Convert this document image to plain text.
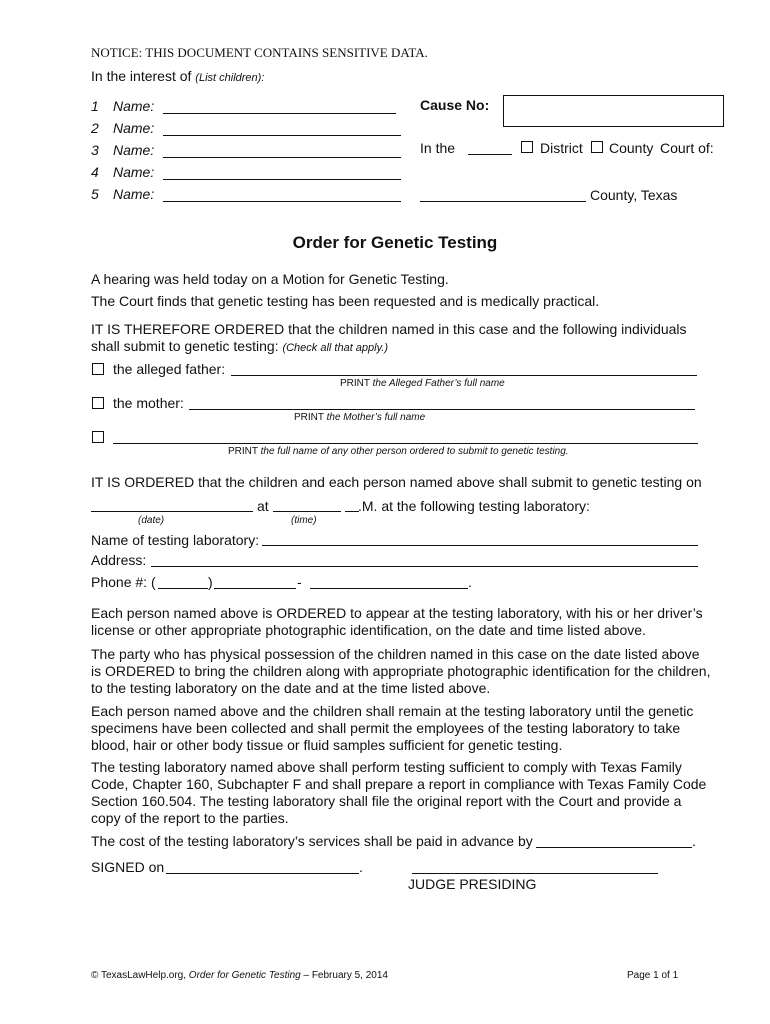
NOTICE: THIS DOCUMENT CONTAINS SENSITIVE DATA.
In the interest of (List children):
1 Name:
2 Name:
3 Name:
4 Name:
5 Name:
Cause No:
In the	District County Court of:
County, Texas
Order for Genetic Testing
A hearing was held today on a Motion for Genetic Testing.
The Court finds that genetic testing has been requested and is medically practical.
IT IS THEREFORE ORDERED that the children named in this case and the following individuals
shall submit to genetic testing: (Check all that apply.)
the alleged father:
PRINT the Alleged Father’s full name
the mother:
PRINT the Mother’s full name
PRINT the full name of any other person ordered to submit to genetic testing.
IT IS ORDERED that the children and each person named above shall submit to genetic testing on
at	.M. at the following testing laboratory:
(date)	(time)
Name of testing laboratory:
Address:
Phone #: (	)	-	.
Each person named above is ORDERED to appear at the testing laboratory, with his or her driver’s license or other appropriate photographic identification, on the date and time listed above.
The party who has physical possession of the children named in this case on the date listed above is ORDERED to bring the children along with appropriate photographic identification for the children, to the testing laboratory on the date and at the time listed above.
Each person named above and the children shall remain at the testing laboratory until the genetic specimens have been collected and shall permit the employees of the testing laboratory to take blood, hair or other body tissue or fluid samples sufficient for genetic testing.
The testing laboratory named above shall perform testing sufficient to comply with Texas Family Code, Chapter 160, Subchapter F and shall prepare a report in compliance with Texas Family Code Section 160.504. The testing laboratory shall file the original report with the Court and provide a copy of the report to the parties.
The cost of the testing laboratory’s services shall be paid in advance by	.
SIGNED on	.
JUDGE PRESIDING
© TexasLawHelp.org, Order for Genetic Testing – February 5, 2014	Page 1 of 1
